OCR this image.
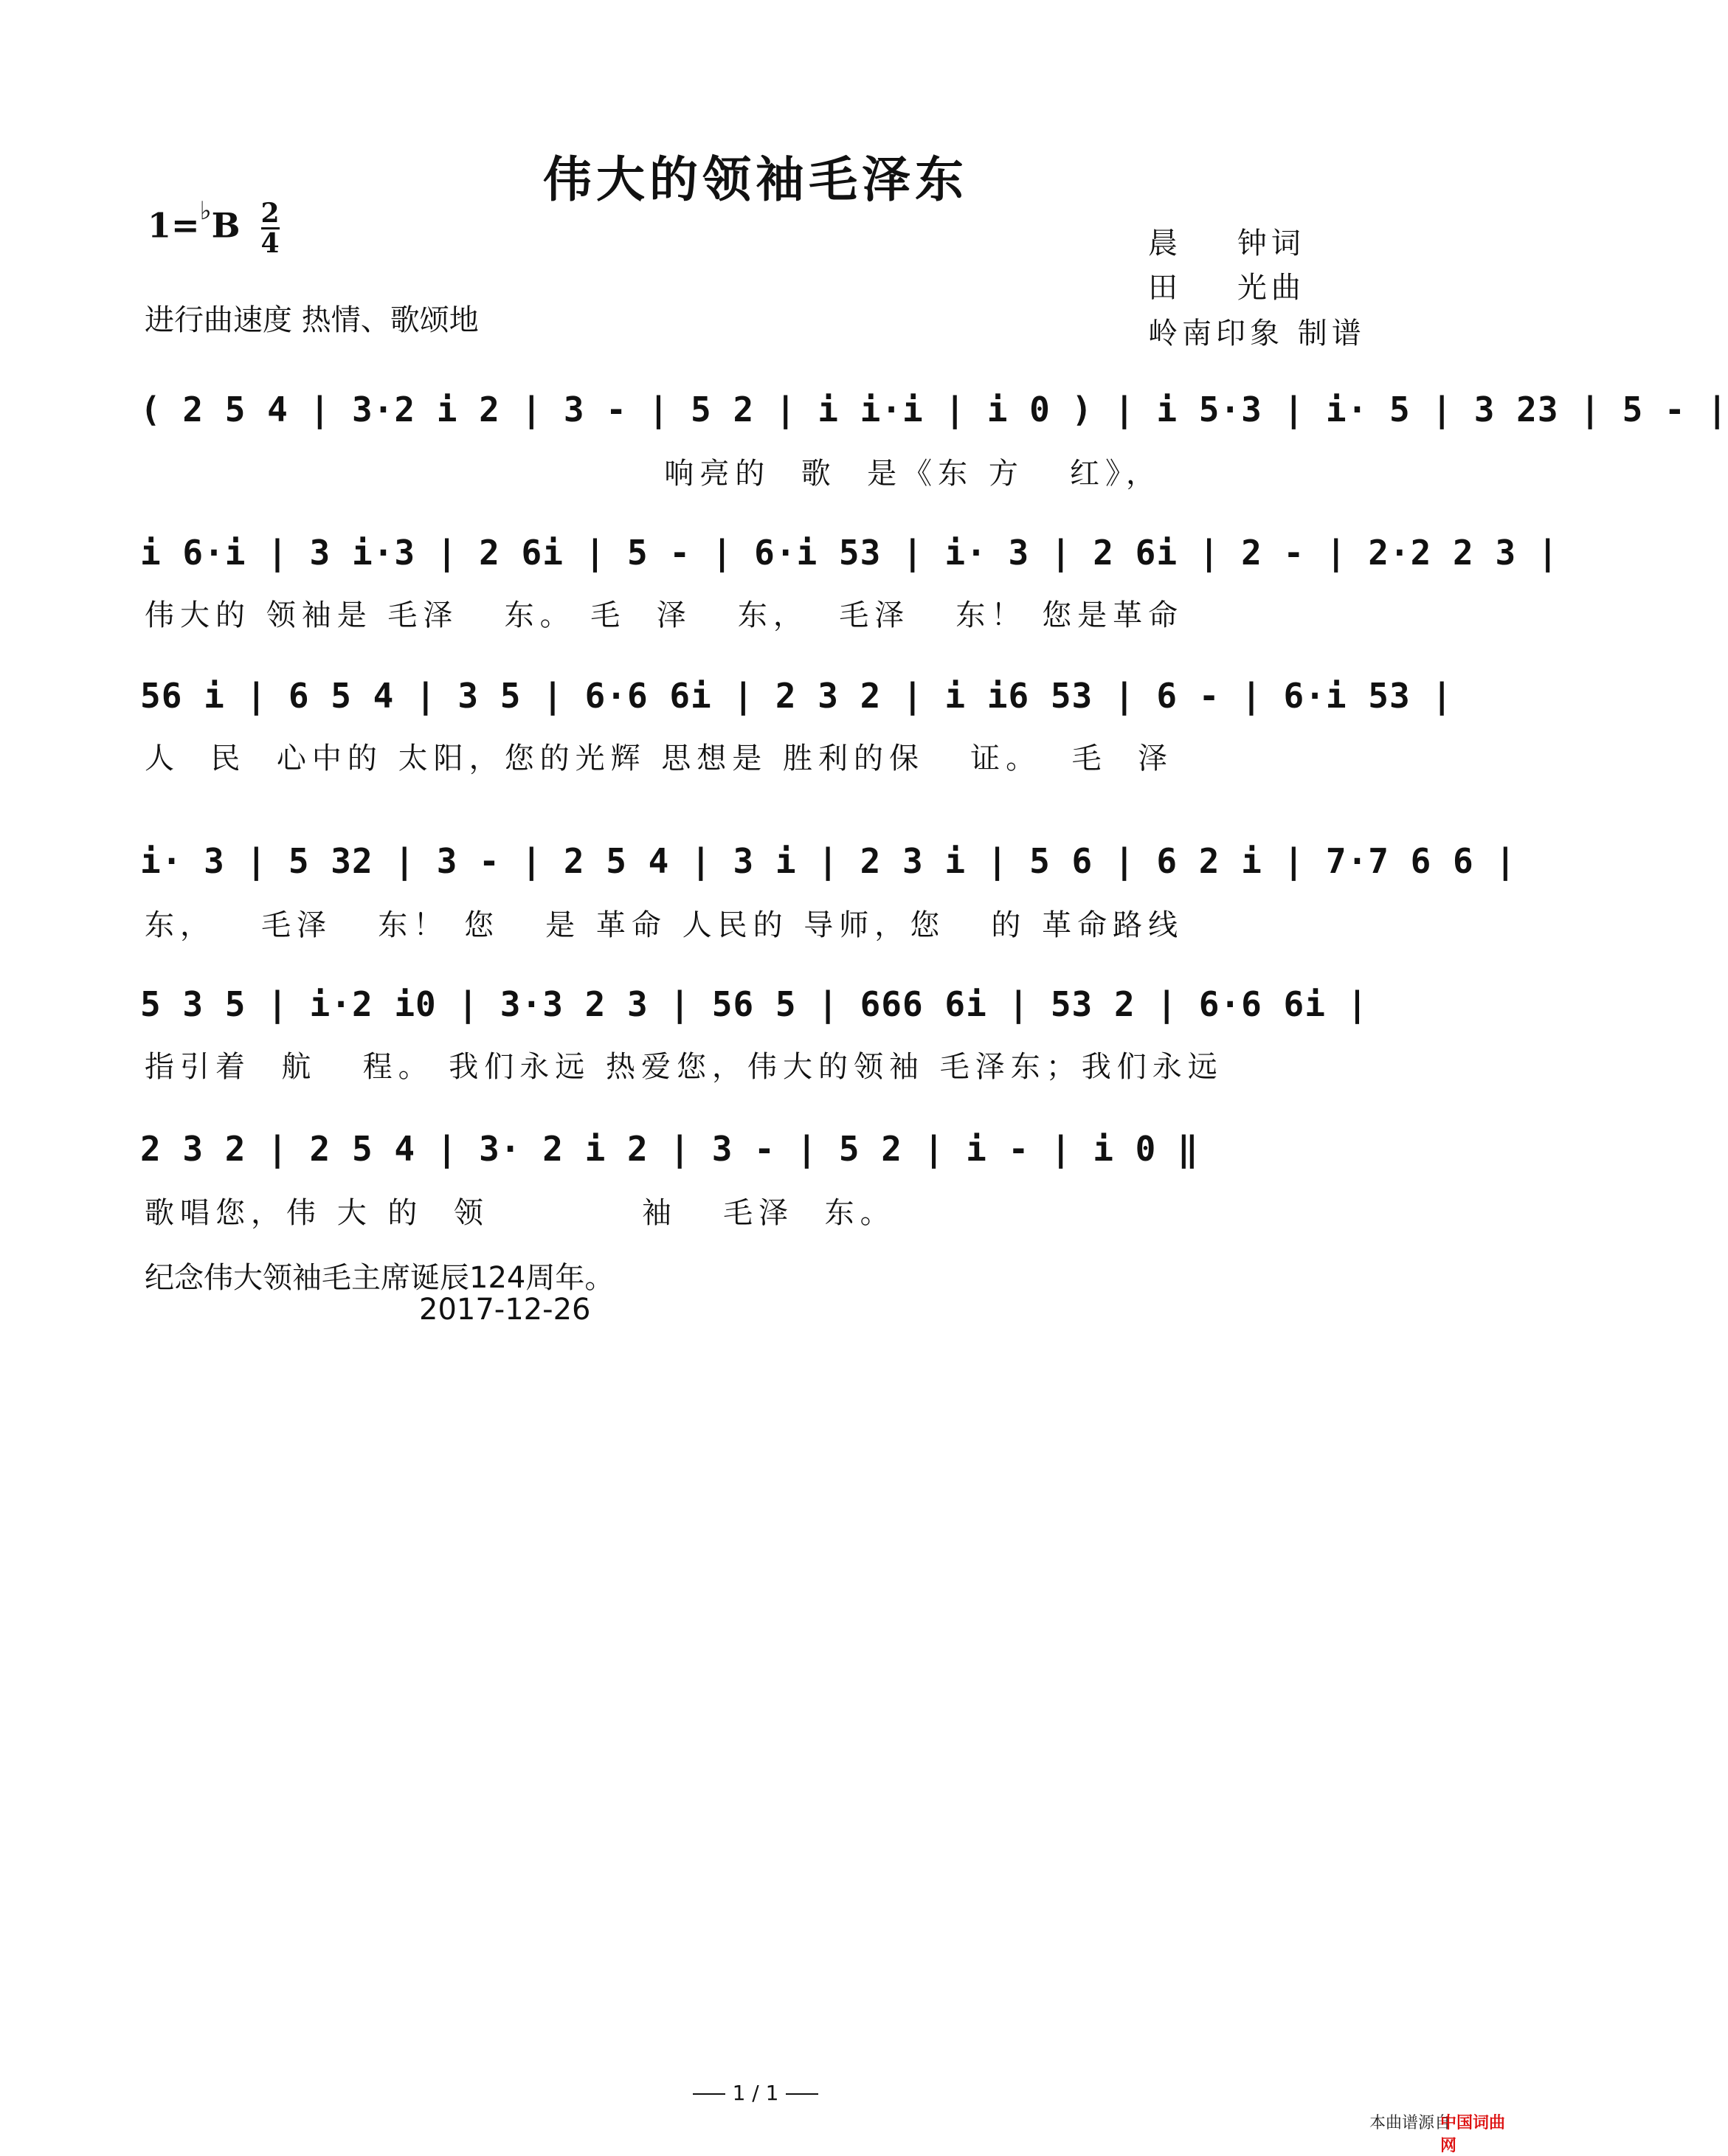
伟大的领袖毛泽东
$1=^♭B \frac{2}{4}$
进行曲速度 热情、歌颂地
晨    钟词
田    光曲
岭南印象 制谱
( 2 5 4 | 3·2 i 2 | 3 - | 5 2 | i i·i | i 0 ) | i 5·3 | i· 5 | 3 23 | 5 - |
响亮的  歌  是《东 方   红》，
i 6·i | 3 i·3 | 2 6i | 5 - | 6·i 53 | i· 3 | 2 6i | 2 - | 2·2 2 3 |
伟大的 领袖是 毛泽   东。 毛  泽   东，  毛泽   东！ 您是革命
56 i | 6 5 4 | 3 5 | 6·6 6i | 2 3 2 | i i6 53 | 6 - | 6·i 53 |
人  民  心中的 太阳，您的光辉 思想是 胜利的保   证。  毛  泽
i· 3 | 5 32 | 3 - | 2 5 4 | 3 i | 2 3 i | 5 6 | 6 2 i | 7·7 6 6 |
东，   毛泽   东！ 您   是 革命 人民的 导师，您   的 革命路线
5 3 5 | i·2 i0 | 3·3 2 3 | 56 5 | 666 6i | 53 2 | 6·6 6i |
指引着  航   程。 我们永远 热爱您，伟大的领袖 毛泽东；我们永远
2 3 2 | 2 5 4 | 3· 2 i 2 | 3 - | 5 2 | i - | i 0 ‖
歌唱您，伟 大 的  领          袖   毛泽  东。
纪念伟大领袖毛主席诞辰124周年。
2017-12-26
1 / 1
本曲谱源自
中国词曲网
